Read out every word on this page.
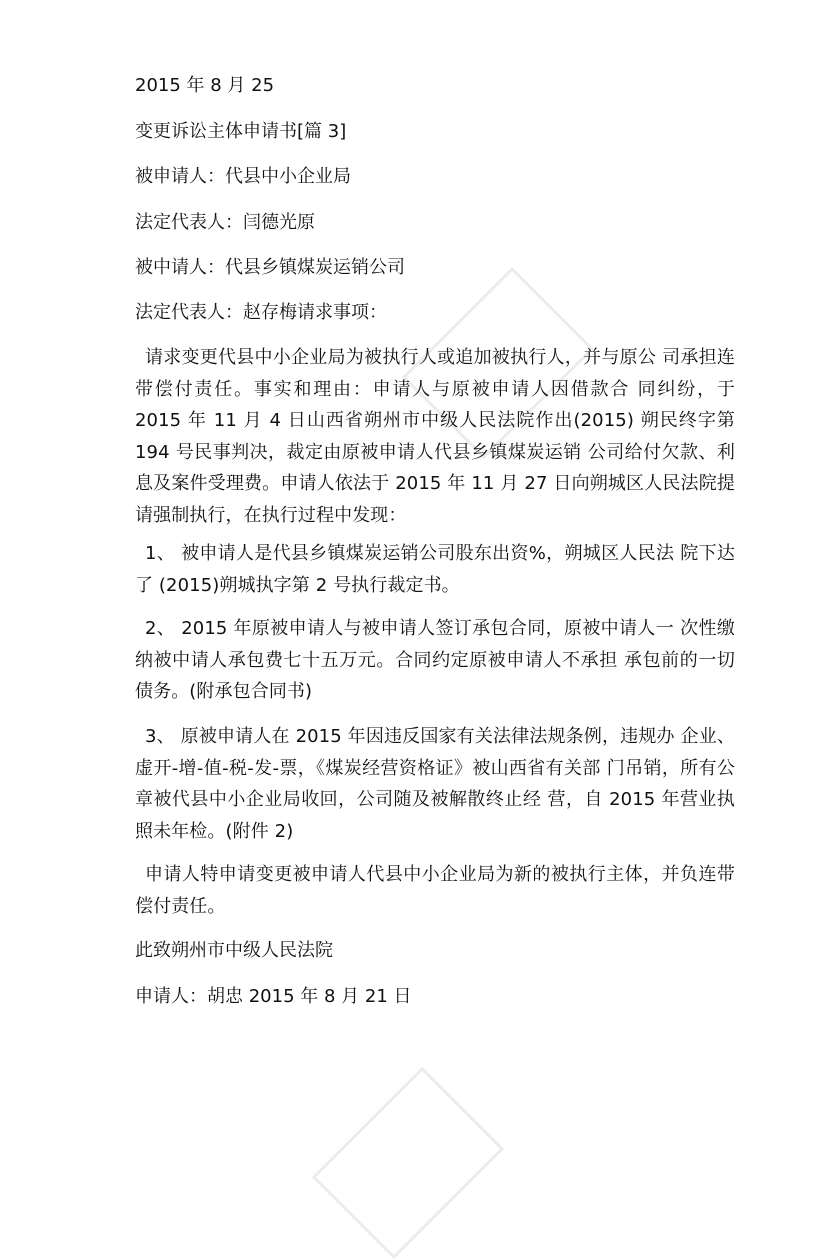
2015 年 8 月 25

变更诉讼主体申请书[篇 3]

被申请人：代县中小企业局

法定代表人：闫德光原

被中请人：代县乡镇煤炭运销公司

法定代表人：赵存梅请求事项：

请求变更代县中小企业局为被执行人或追加被执行人，并与原公 司承担连带偿付责任。事实和理由：申请人与原被申请人因借款合 同纠纷，于 2015 年 11 月 4 日山西省朔州市中级人民法院作出(2015) 朔民终字第 194 号民事判决，裁定由原被申请人代县乡镇煤炭运销 公司给付欠款、利息及案件受理费。申请人依法于 2015 年 11 月 27 日向朔城区人民法院提请强制执行，在执行过程中发现：

1、 被申请人是代县乡镇煤炭运销公司股东出资%，朔城区人民法 院下达了 (2015)朔城执字第 2 号执行裁定书。

2、 2015 年原被申请人与被申请人签订承包合同，原被中请人一 次性缴纳被中请人承包费七十五万元。合同约定原被申请人不承担 承包前的一切债务。(附承包合同书)

3、 原被申请人在 2015 年因违反国家有关法律法规条例，违规办 企业、虚开-增-值-税-发-票，《煤炭经营资格证》被山西省有关部 门吊销，所有公章被代县中小企业局收回，公司随及被解散终止经 营，自 2015 年营业执照未年检。(附件 2)

申请人特申请变更被申请人代县中小企业局为新的被执行主体，并负连带偿付责任。

此致朔州市中级人民法院

申请人：胡忠 2015 年 8 月 21 日
